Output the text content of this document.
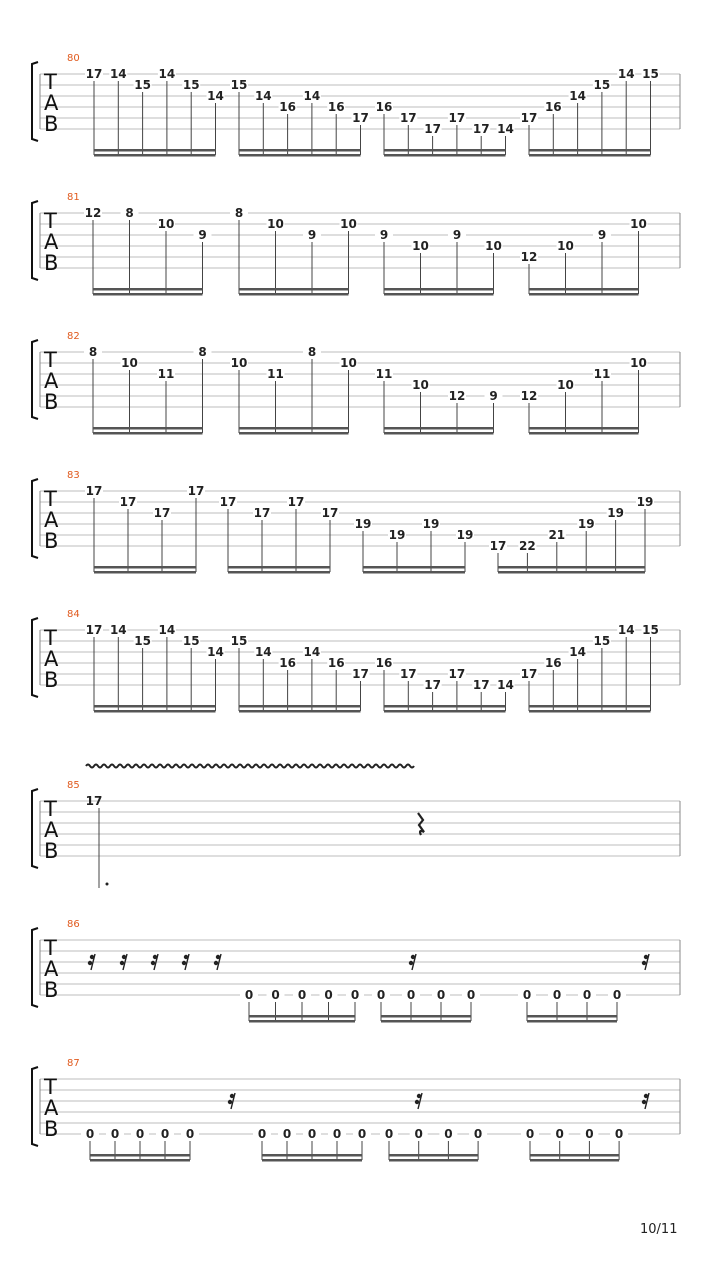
T
A
B
80
17 14
15
14
15
14
15
14
16
14
16
17
16
17
17
17
17 14
17
16
14
15
14 15
T
A
B
81
12 8
10
9
8
10
9
10
9
10
9
10
12
10
9
10
T
A
B
82
8
10
11
8
10
11
8
10
11
10
12 9 12
10
11
10
T
A
B
83
17
17
17
17
17
17
17
17
19
19
19
19
17 22
21
19
19
19
T
A
B
84
17 14
15
14
15
14
15
14
16
14
16
17
16
17
17
17
17 14
17
16
14
15
14 15
T
A
B
85
17
T
A
B
86
0 0 0 0 0 0 0 0 0	0 0 0 0
T
A
B
87
0 0 0 0 0	0 0 0 0 0 0 0 0 0	0 0 0 0
10/11
